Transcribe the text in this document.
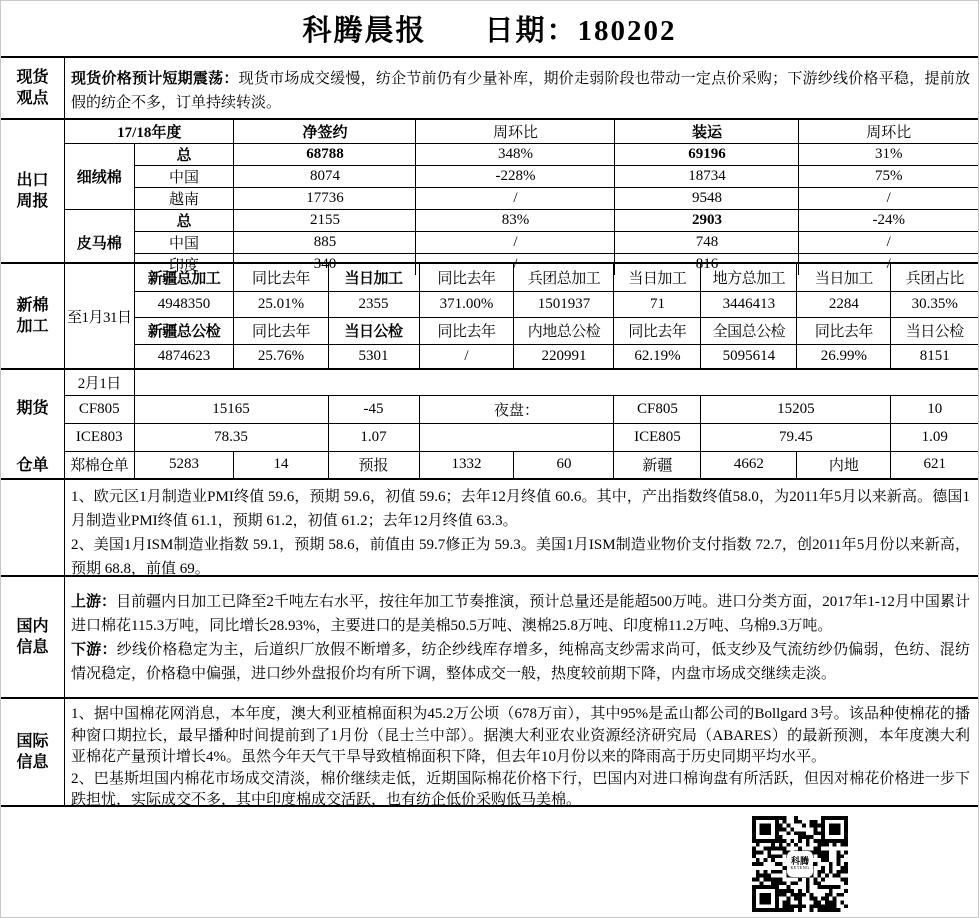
科腾晨报 日期：180202
现货
观点
现货价格预计短期震荡：现货市场成交缓慢，纺企节前仍有少量补库，期价走弱阶段也带动一定点价采购；下游纱线价格平稳，提前放假的纺企不多，订单持续转淡。
出口
周报
17/18年度		净签约	周环比	装运	周环比
细绒棉	总	68788	348%	69196	31%
	中国	8074	-228%	18734	75%
	越南	17736	/	9548	/
皮马棉	总	2155	83%	2903	-24%
	中国	885	/	748	/
	印度	340	/	816	/
新棉
加工
至1月31日	新疆总加工	同比去年	当日加工	同比去年	兵团总加工	当日加工	地方总加工	当日加工	兵团占比
	4948350	25.01%	2355	371.00%	1501937	71	3446413	2284	30.35%
	新疆总公检	同比去年	当日公检	同比去年	内地总公检	同比去年	全国总公检	同比去年	当日公检
	4874623	25.76%	5301	/	220991	62.19%	5095614	26.99%	8151
期货
仓单
2月1日									
CF805	15165		-45	夜盘：		CF805	15205		10
ICE803	78.35		1.07			ICE805	79.45		1.09
郑棉仓单	5283	14	预报	1332	60	新疆	4662	内地	621
1、欧元区1月制造业PMI终值 59.6，预期 59.6，初值 59.6；去年12月终值 60.6。其中，产出指数终值58.0，为2011年5月以来新高。德国1月制造业PMI终值 61.1，预期 61.2，初值 61.2；去年12月终值 63.3。
2、美国1月ISM制造业指数 59.1，预期 58.6，前值由 59.7修正为 59.3。美国1月ISM制造业物价支付指数 72.7，创2011年5月份以来新高，预期 68.8，前值 69。
国内
信息
上游：目前疆内日加工已降至2千吨左右水平，按往年加工节奏推演，预计总量还是能超500万吨。进口分类方面，2017年1-12月中国累计进口棉花115.3万吨，同比增长28.93%，主要进口的是美棉50.5万吨、澳棉25.8万吨、印度棉11.2万吨、乌棉9.3万吨。
下游：纱线价格稳定为主，后道织厂放假不断增多，纺企纱线库存增多，纯棉高支纱需求尚可，低支纱及气流纺纱仍偏弱，色纺、混纺情况稳定，价格稳中偏强，进口纱外盘报价均有所下调，整体成交一般，热度较前期下降，内盘市场成交继续走淡。
国际
信息
1、据中国棉花网消息，本年度，澳大利亚植棉面积为45.2万公顷（678万亩），其中95%是孟山都公司的Bollgard 3号。该品种使棉花的播种窗口期拉长，最早播种时间提前到了1月份（昆士兰中部）。据澳大利亚农业资源经济研究局（ABARES）的最新预测，本年度澳大利亚棉花产量预计增长4%。虽然今年天气干旱导致植棉面积下降，但去年10月份以来的降雨高于历史同期平均水平。
2、巴基斯坦国内棉花市场成交清淡，棉价继续走低，近期国际棉花价格下行，巴国内对进口棉询盘有所活跃，但因对棉花价格进一步下跌担忧，实际成交不多，其中印度棉成交活跃，也有纺企低价采购低马美棉。
科腾
KETENG
